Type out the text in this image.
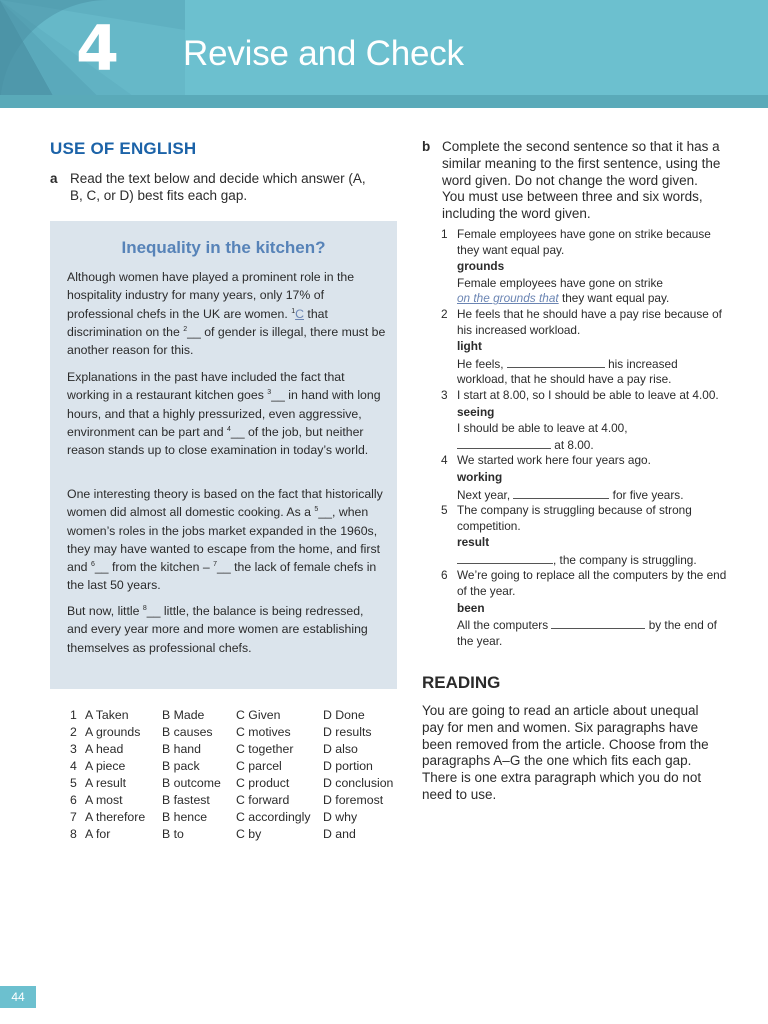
4 Revise and Check
USE OF ENGLISH
a Read the text below and decide which answer (A, B, C, or D) best fits each gap.
Inequality in the kitchen?
Although women have played a prominent role in the hospitality industry for many years, only 17% of professional chefs in the UK are women. $^1$C that discrimination on the $^2$__ of gender is illegal, there must be another reason for this.
Explanations in the past have included the fact that working in a restaurant kitchen goes $^3$__ in hand with long hours, and that a highly pressurized, even aggressive, environment can be part and $^4$__ of the job, but neither reason stands up to close examination in today’s world.
One interesting theory is based on the fact that historically women did almost all domestic cooking. As a $^5$__, when women’s roles in the jobs market expanded in the 1960s, they may have wanted to escape from the home, and first and $^6$__ from the kitchen – $^7$__ the lack of female chefs in the last 50 years.
But now, little $^8$__ little, the balance is being redressed, and every year more and more women are establishing themselves as professional chefs.
1 A Taken	B Made	C Given	D Done
2 A grounds B causes C motives	D results
3 A head	B hand	C together D also
4 A piece	B pack	C parcel	D portion
5 A result	B outcome C product	D conclusion
6 A most	B fastest C forward	D foremost
7 A therefore B hence C accordingly D why
8 A for	B to	C by	D and
b Complete the second sentence so that it has a similar meaning to the first sentence, using the word given. Do not change the word given. You must use between three and six words, including the word given.
1 Female employees have gone on strike because they want equal pay.
grounds
Female employees have gone on strike
on the grounds that they want equal pay.
2 He feels that he should have a pay rise because of his increased workload.
light
He feels,	his increased workload, that he should have a pay rise.
3 I start at 8.00, so I should be able to leave at 4.00.
seeing
I should be able to leave at 4.00,
at 8.00.
4 We started work here four years ago.
working
Next year,	for five years.
5 The company is struggling because of strong competition.
result
, the company is struggling.
6 We’re going to replace all the computers by the end of the year.
been
All the computers	by the end of the year.
READING
You are going to read an article about unequal pay for men and women. Six paragraphs have been removed from the article. Choose from the paragraphs A–G the one which fits each gap. There is one extra paragraph which you do not need to use.
44
